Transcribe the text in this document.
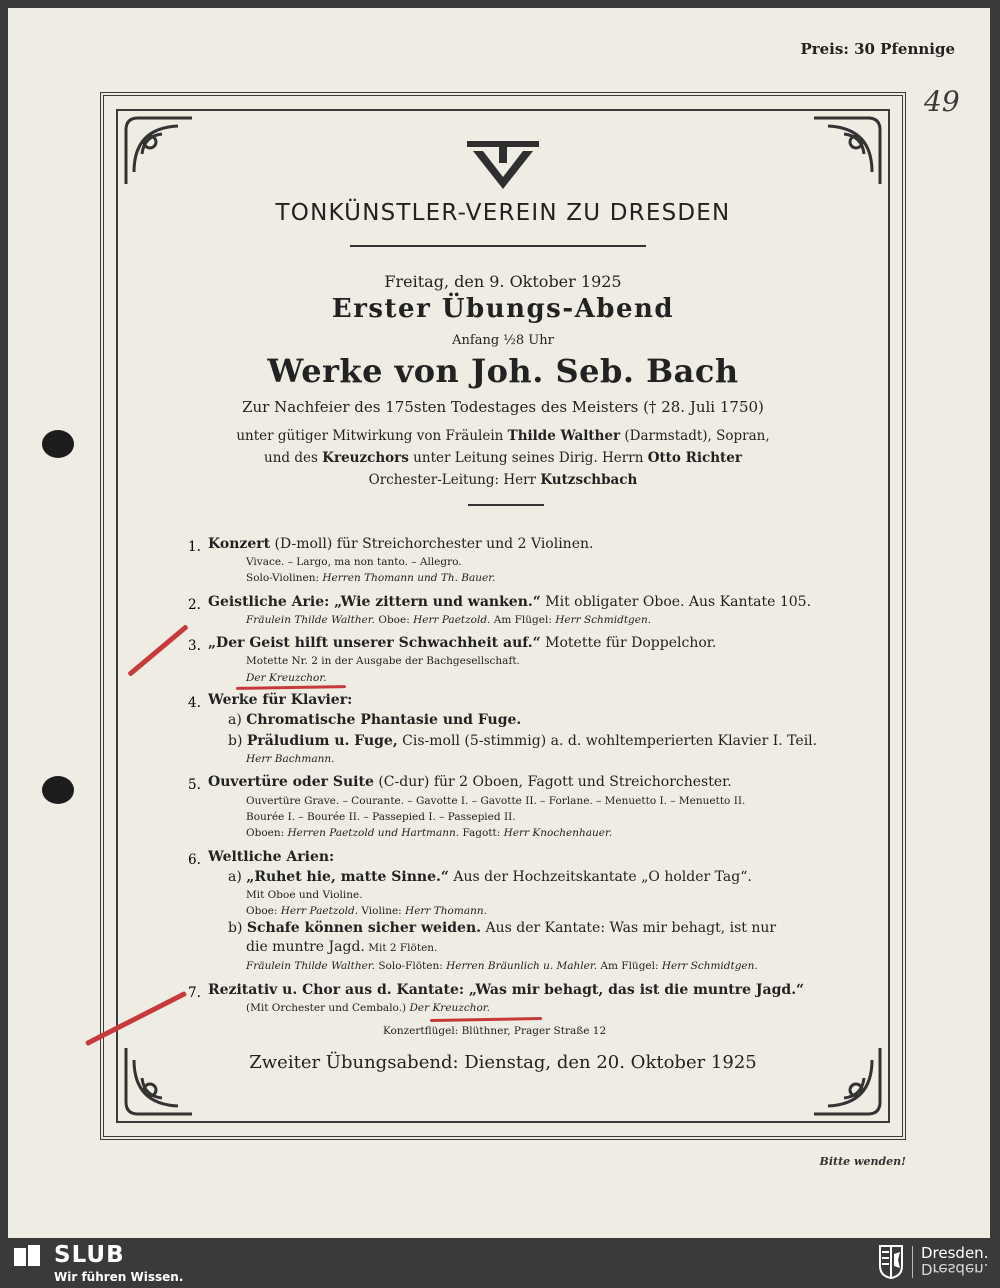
Preis: 30 Pfennige
49
TONKÜNSTLER-VEREIN ZU DRESDEN
Freitag, den 9. Oktober 1925
Erster Übungs-Abend
Anfang ½8 Uhr
Werke von Joh. Seb. Bach
Zur Nachfeier des 175sten Todestages des Meisters († 28. Juli 1750)
unter gütiger Mitwirkung von Fräulein Thilde Walther (Darmstadt), Sopran,
und des Kreuzchors unter Leitung seines Dirig. Herrn Otto Richter
Orchester-Leitung: Herr Kutzschbach
1. Konzert (D-moll) für Streichorchester und 2 Violinen.
Vivace. – Largo, ma non tanto. – Allegro.
Solo-Violinen: Herren Thomann und Th. Bauer.
2. Geistliche Arie: „Wie zittern und wanken.“ Mit obligater Oboe. Aus Kantate 105.
Fräulein Thilde Walther. Oboe: Herr Paetzold. Am Flügel: Herr Schmidtgen.
3. „Der Geist hilft unserer Schwachheit auf.“ Motette für Doppelchor.
Motette Nr. 2 in der Ausgabe der Bachgesellschaft.
Der Kreuzchor.
4. Werke für Klavier:
a) Chromatische Phantasie und Fuge.
b) Präludium u. Fuge, Cis-moll (5-stimmig) a. d. wohltemperierten Klavier I. Teil.
Herr Bachmann.
5. Ouvertüre oder Suite (C-dur) für 2 Oboen, Fagott und Streichorchester.
Ouvertüre Grave. – Courante. – Gavotte I. – Gavotte II. – Forlane. – Menuetto I. – Menuetto II.
Bourée I. – Bourée II. – Passepied I. – Passepied II.
Oboen: Herren Paetzold und Hartmann. Fagott: Herr Knochenhauer.
6. Weltliche Arien:
a) „Ruhet hie, matte Sinne.“ Aus der Hochzeitskantate „O holder Tag“.
Mit Oboe und Violine.
Oboe: Herr Paetzold. Violine: Herr Thomann.
b) Schafe können sicher weiden. Aus der Kantate: Was mir behagt, ist nur
die muntre Jagd. Mit 2 Flöten.
Fräulein Thilde Walther. Solo-Flöten: Herren Bräunlich u. Mahler. Am Flügel: Herr Schmidtgen.
7. Rezitativ u. Chor aus d. Kantate: „Was mir behagt, das ist die muntre Jagd.“
(Mit Orchester und Cembalo.) Der Kreuzchor.
Konzertflügel: Blüthner, Prager Straße 12
Zweiter Übungsabend: Dienstag, den 20. Oktober 1925
Bitte wenden!
SLUB
Wir führen Wissen.
Dresden.
Dresden.
